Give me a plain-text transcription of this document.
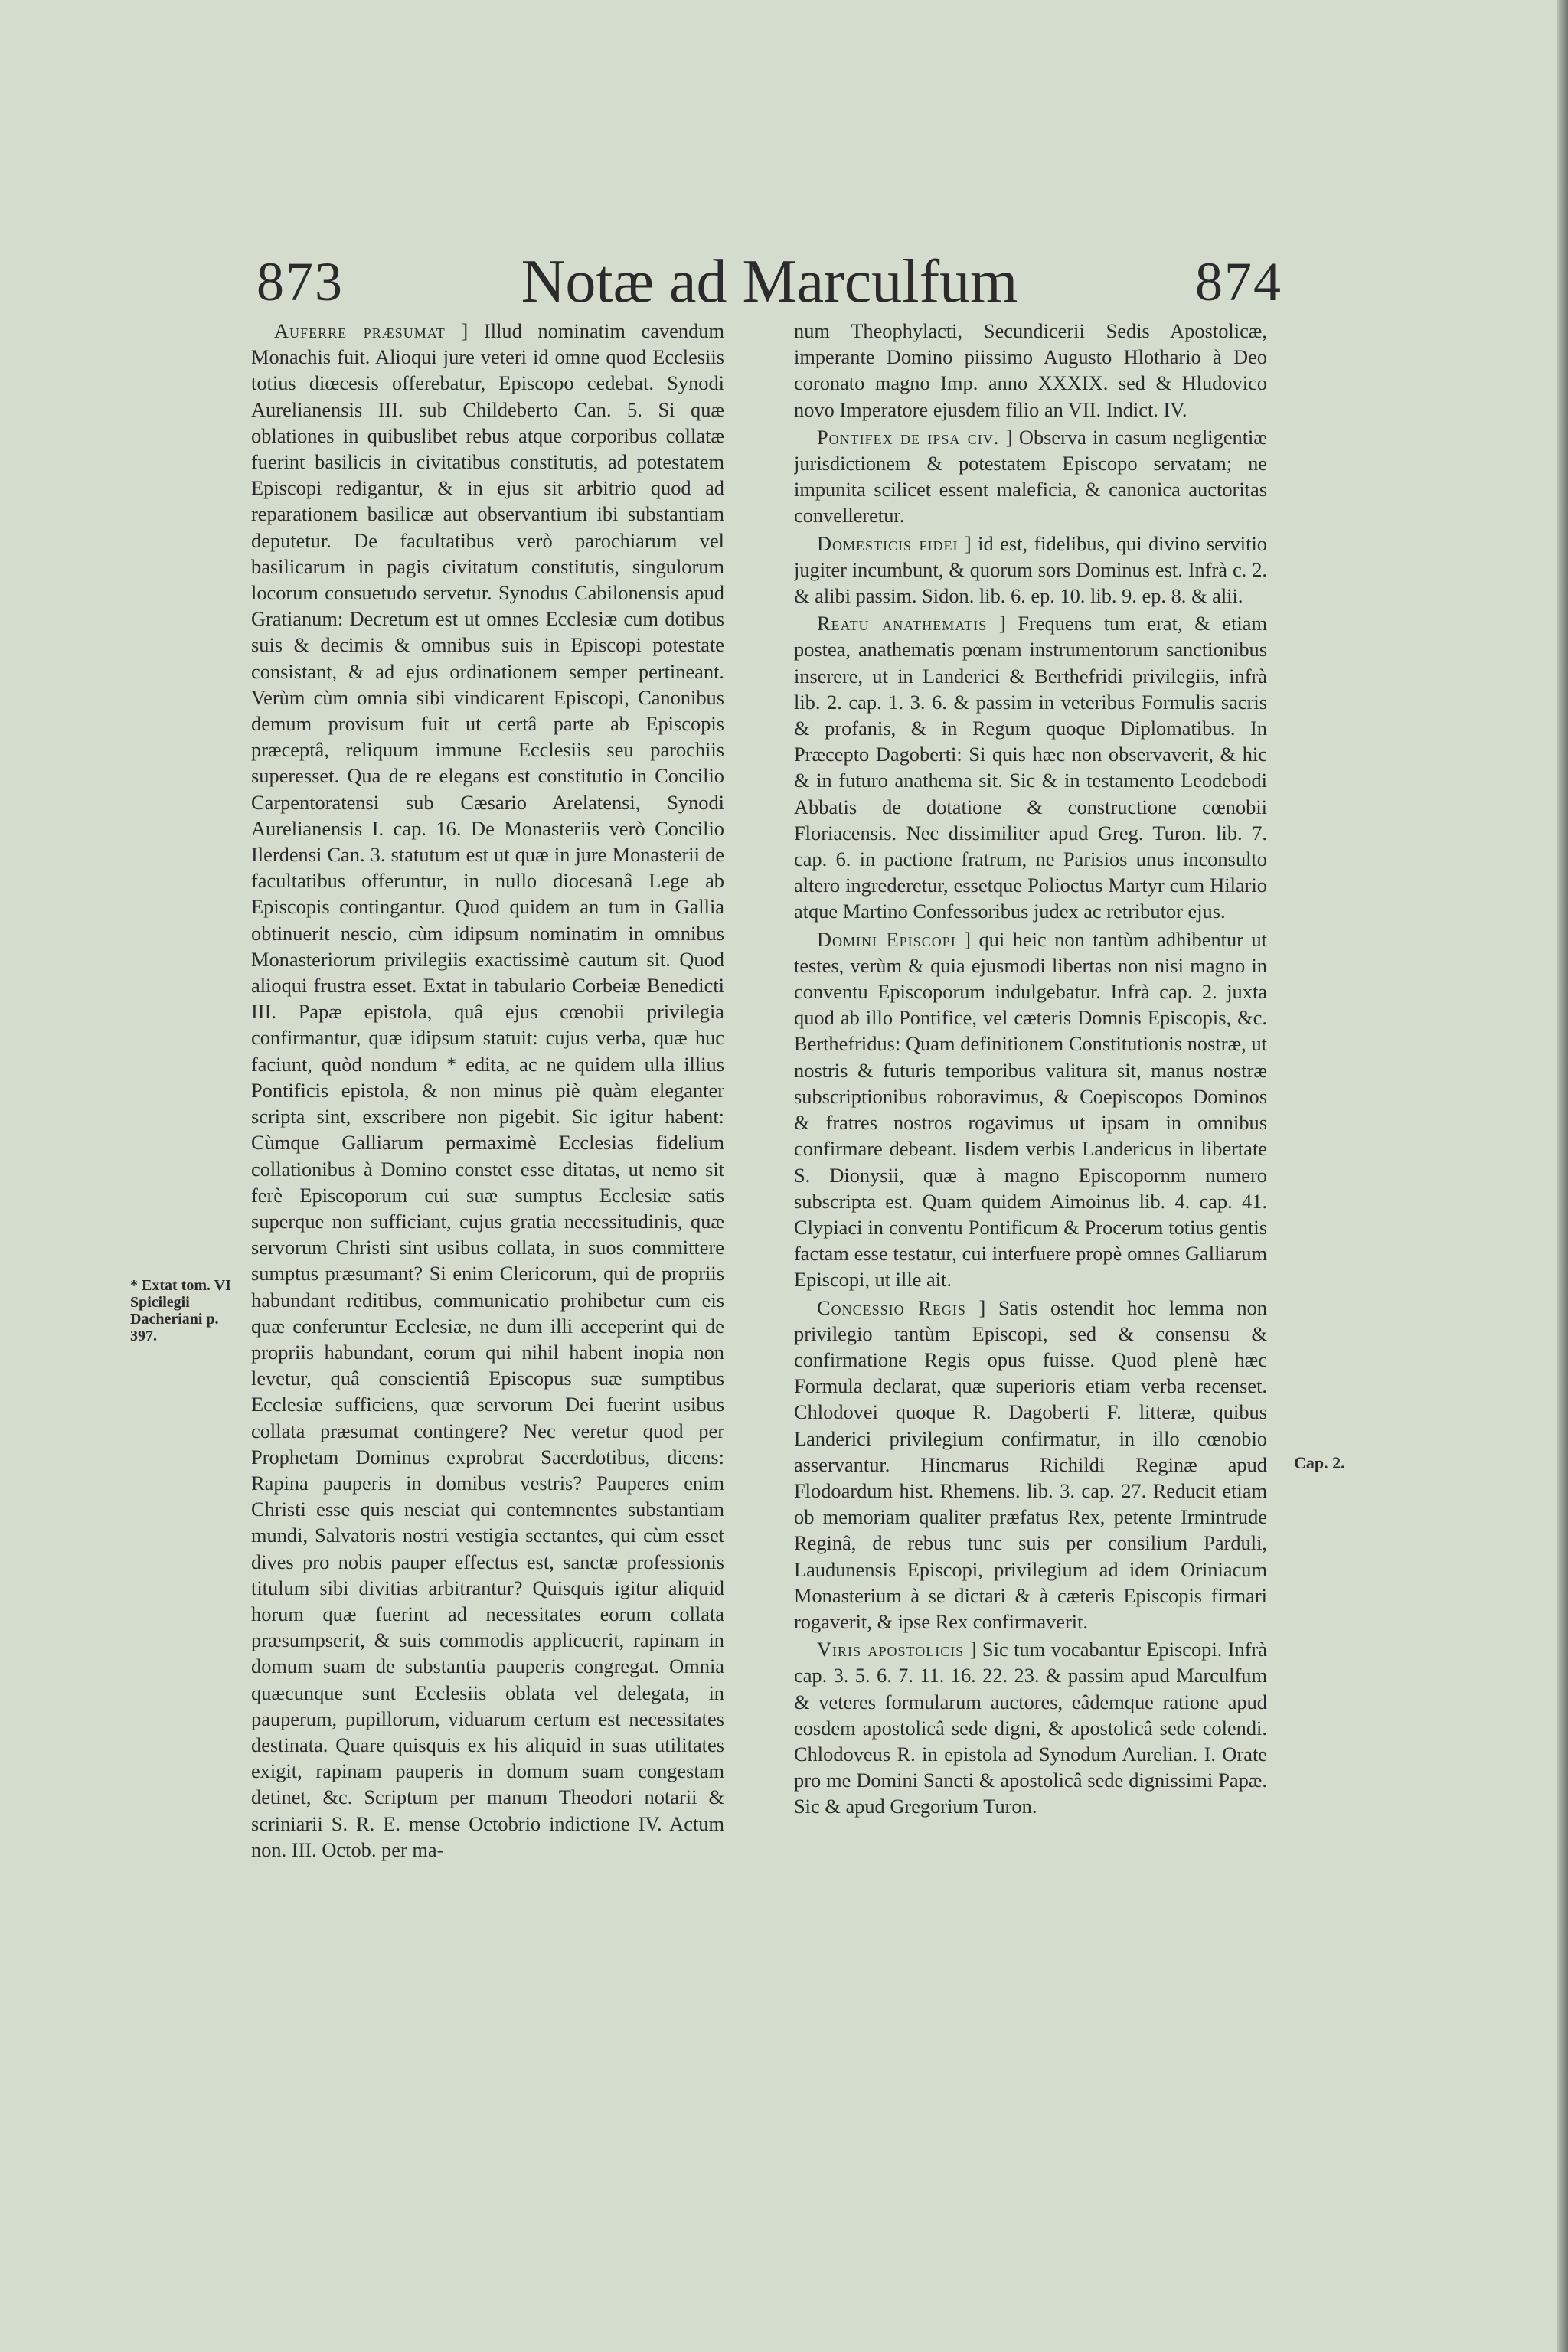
873	Notæ ad Marculfum	874

Auferre præsumat ] Illud nominatim cavendum Monachis fuit. Alioqui jure veteri id omne quod Ecclesiis totius diœcesis offerebatur, Episcopo cedebat. Synodi Aurelianensis III. sub Childeberto Can. 5. Si quæ oblationes in quibuslibet rebus atque corporibus collatæ fuerint basilicis in civitatibus constitutis, ad potestatem Episcopi redigantur, & in ejus sit arbitrio quod ad reparationem basilicæ aut observantium ibi substantiam deputetur. De facultatibus verò parochiarum vel basilicarum in pagis civitatum constitutis, singulorum locorum consuetudo servetur. Synodus Cabilonensis apud Gratianum: Decretum est ut omnes Ecclesiæ cum dotibus suis & decimis & omnibus suis in Episcopi potestate consistant, & ad ejus ordinationem semper pertineant. Verùm cùm omnia sibi vindicarent Episcopi, Canonibus demum provisum fuit ut certâ parte ab Episcopis præceptâ, reliquum immune Ecclesiis seu parochiis superesset. Qua de re elegans est constitutio in Concilio Carpentoratensi sub Cæsario Arelatensi, Synodi Aurelianensis I. cap. 16. De Monasteriis verò Concilio Ilerdensi Can. 3. statutum est ut quæ in jure Monasterii de facultatibus offeruntur, in nullo diocesanâ Lege ab Episcopis contingantur. Quod quidem an tum in Gallia obtinuerit nescio, cùm idipsum nominatim in omnibus Monasteriorum privilegiis exactissimè cautum sit. Quod alioqui frustra esset. Extat in tabulario Corbeiæ Benedicti III. Papæ epistola, quâ ejus cœnobii privilegia confirmantur, quæ idipsum statuit: cujus verba, quæ huc faciunt, quòd nondum * edita, ac ne quidem ulla illius Pontificis epistola, & non minus piè quàm eleganter scripta sint, exscribere non pigebit. Sic igitur habent: Cùmque Galliarum permaximè Ecclesias fidelium collationibus à Domino constet esse ditatas, ut nemo sit ferè Episcoporum cui suæ sumptus Ecclesiæ satis superque non sufficiant, cujus gratia necessitudinis, quæ servorum Christi sint usibus collata, in suos committere sumptus præsumant? Si enim Clericorum, qui de propriis habundant reditibus, communicatio prohibetur cum eis quæ conferuntur Ecclesiæ, ne dum illi acceperint qui de propriis habundant, eorum qui nihil habent inopia non levetur, quâ conscientiâ Episcopus suæ sumptibus Ecclesiæ sufficiens, quæ servorum Dei fuerint usibus collata præsumat contingere? Nec veretur quod per Prophetam Dominus exprobrat Sacerdotibus, dicens: Rapina pauperis in domibus vestris? Pauperes enim Christi esse quis nesciat qui contemnentes substantiam mundi, Salvatoris nostri vestigia sectantes, qui cùm esset dives pro nobis pauper effectus est, sanctæ professionis titulum sibi divitias arbitrantur? Quisquis igitur aliquid horum quæ fuerint ad necessitates eorum collata præsumpserit, & suis commodis applicuerit, rapinam in domum suam de substantia pauperis congregat. Omnia quæcunque sunt Ecclesiis oblata vel delegata, in pauperum, pupillorum, viduarum certum est necessitates destinata. Quare quisquis ex his aliquid in suas utilitates exigit, rapinam pauperis in domum suam congestam detinet, &c. Scriptum per manum Theodori notarii & scriniarii S. R. E. mense Octobrio indictione IV. Actum non. III. Octob. per ma-

num Theophylacti, Secundicerii Sedis Apostolicæ, imperante Domino piissimo Augusto Hlothario à Deo coronato magno Imp. anno XXXIX. sed & Hludovico novo Imperatore ejusdem filio an VII. Indict. IV.

Pontifex de ipsa civ. ] Observa in casum negligentiæ jurisdictionem & potestatem Episcopo servatam; ne impunita scilicet essent maleficia, & canonica auctoritas convelleretur.

Domesticis fidei ] id est, fidelibus, qui divino servitio jugiter incumbunt, & quorum sors Dominus est. Infrà c. 2. & alibi passim. Sidon. lib. 6. ep. 10. lib. 9. ep. 8. & alii.

Reatu anathematis ] Frequens tum erat, & etiam postea, anathematis pœnam instrumentorum sanctionibus inserere, ut in Landerici & Berthefridi privilegiis, infrà lib. 2. cap. 1. 3. 6. & passim in veteribus Formulis sacris & profanis, & in Regum quoque Diplomatibus. In Præcepto Dagoberti: Si quis hæc non observaverit, & hic & in futuro anathema sit. Sic & in testamento Leodebodi Abbatis de dotatione & constructione cœnobii Floriacensis. Nec dissimiliter apud Greg. Turon. lib. 7. cap. 6. in pactione fratrum, ne Parisios unus inconsulto altero ingrederetur, essetque Polioctus Martyr cum Hilario atque Martino Confessoribus judex ac retributor ejus.

Domini Episcopi ] qui heic non tantùm adhibentur ut testes, verùm & quia ejusmodi libertas non nisi magno in conventu Episcoporum indulgebatur. Infrà cap. 2. juxta quod ab illo Pontifice, vel cæteris Domnis Episcopis, &c. Berthefridus: Quam definitionem Constitutionis nostræ, ut nostris & futuris temporibus valitura sit, manus nostræ subscriptionibus roboravimus, & Coepiscopos Dominos & fratres nostros rogavimus ut ipsam in omnibus confirmare debeant. Iisdem verbis Landericus in libertate S. Dionysii, quæ à magno Episcopornm numero subscripta est. Quam quidem Aimoinus lib. 4. cap. 41. Clypiaci in conventu Pontificum & Procerum totius gentis factam esse testatur, cui interfuere propè omnes Galliarum Episcopi, ut ille ait.

Concessio Regis ] Satis ostendit hoc lemma non privilegio tantùm Episcopi, sed & consensu & confirmatione Regis opus fuisse. Quod plenè hæc Formula declarat, quæ superioris etiam verba recenset. Chlodovei quoque R. Dagoberti F. litteræ, quibus Landerici privilegium confirmatur, in illo cœnobio asservantur. Hincmarus Richildi Reginæ apud Flodoardum hist. Rhemens. lib. 3. cap. 27. Reducit etiam ob memoriam qualiter præfatus Rex, petente Irmintrude Reginâ, de rebus tunc suis per consilium Parduli, Laudunensis Episcopi, privilegium ad idem Oriniacum Monasterium à se dictari & à cæteris Episcopis firmari rogaverit, & ipse Rex confirmaverit.

Viris apostolicis ] Sic tum vocabantur Episcopi. Infrà cap. 3. 5. 6. 7. 11. 16. 22. 23. & passim apud Marculfum & veteres formularum auctores, eâdemque ratione apud eosdem apostolicâ sede digni, & apostolicâ sede colendi. Chlodoveus R. in epistola ad Synodum Aurelian. I. Orate pro me Domini Sancti & apostolicâ sede dignissimi Papæ. Sic & apud Gregorium Turon.

* Extat tom. VI Spicilegii Dacheriani p. 397.
Cap. 2.
